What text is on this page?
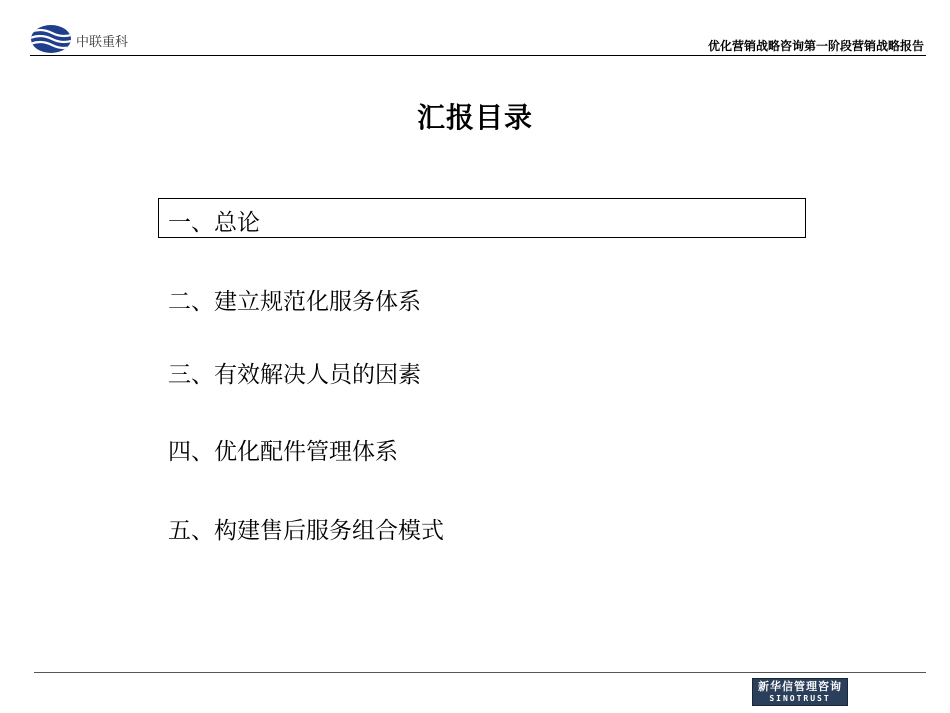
中联重科	优化营销战略咨询第一阶段营销战略报告
汇报目录
一、总论
二、建立规范化服务体系
三、有效解决人员的因素
四、优化配件管理体系
五、构建售后服务组合模式
新华信管理咨询
SINOTRUST
